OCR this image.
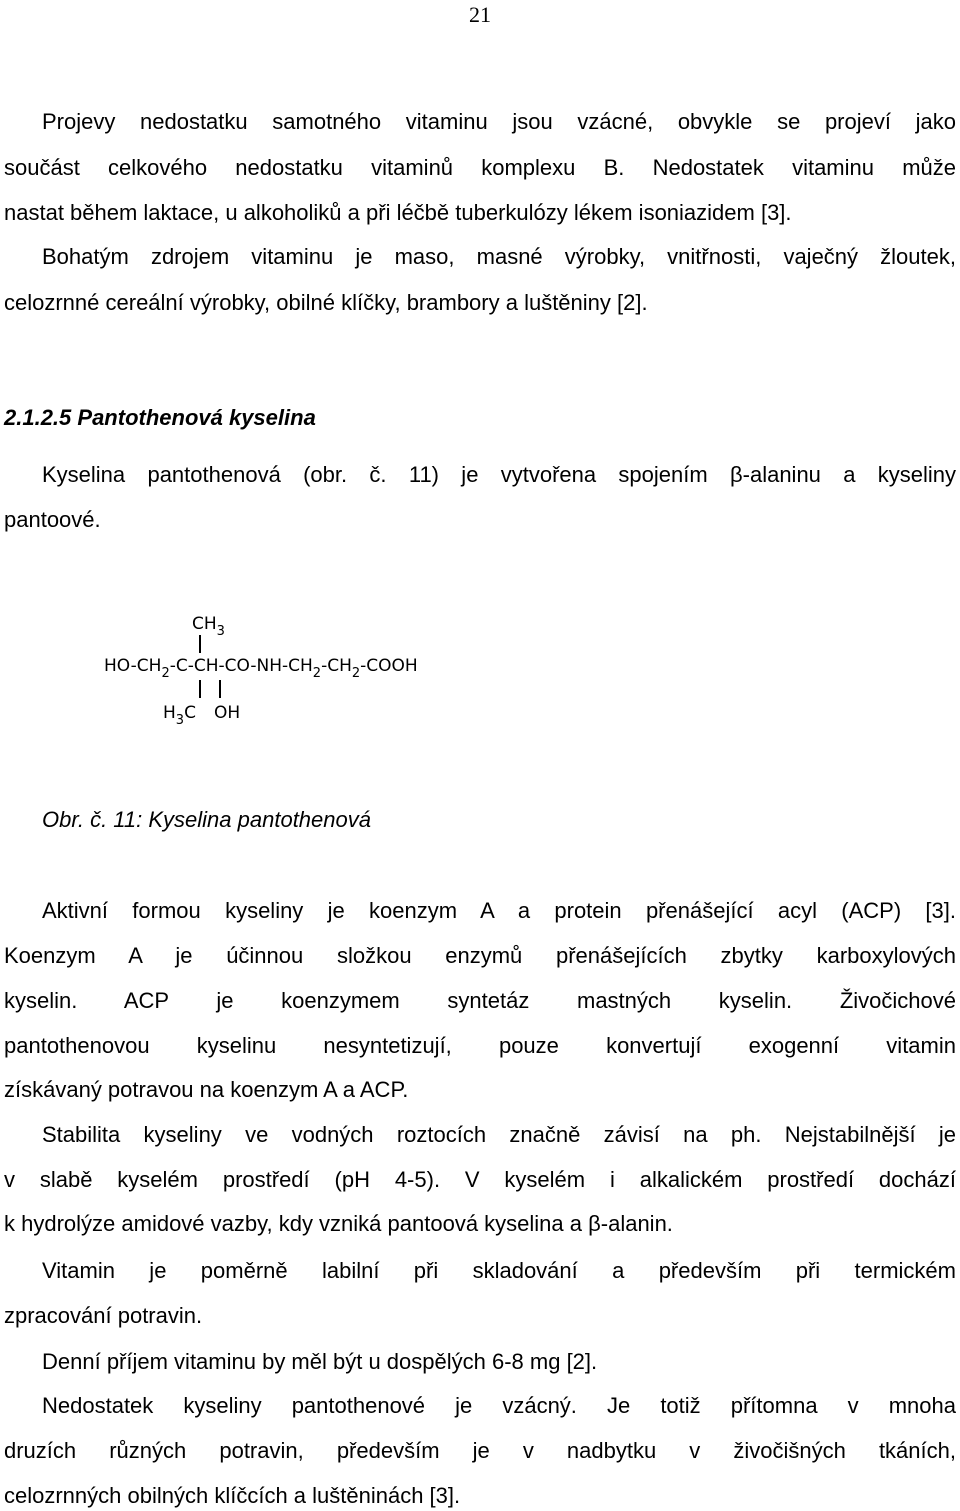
21
Projevy nedostatku samotného vitaminu jsou vzácné, obvykle se projeví jako
součást celkového nedostatku vitaminů komplexu B. Nedostatek vitaminu může
nastat během laktace, u alkoholiků a při léčbě tuberkulózy lékem isoniazidem [3].
Bohatým zdrojem vitaminu je maso, masné výrobky, vnitřnosti, vaječný žloutek,
celozrnné cereální výrobky, obilné klíčky, brambory a luštěniny [2].
2.1.2.5 Pantothenová kyselina
Kyselina pantothenová (obr. č. 11) je vytvořena spojením β-alaninu a kyseliny
pantoové.
$CH_3$
$HO-CH_2-C-CH-CO-NH-CH_2-CH_2$-COOH
$H_3C$ OH
Obr. č. 11: Kyselina pantothenová
Aktivní formou kyseliny je koenzym A a protein přenášející acyl (ACP) [3].
Koenzym A je účinnou složkou enzymů přenášejících zbytky karboxylových
kyselin. ACP je koenzymem syntetáz mastných kyselin. Živočichové
pantothenovou kyselinu nesyntetizují, pouze konvertují exogenní vitamin
získávaný potravou na koenzym A a ACP.
Stabilita kyseliny ve vodných roztocích značně závisí na ph. Nejstabilnější je
v slabě kyselém prostředí (pH 4-5). V kyselém i alkalickém prostředí dochází
k hydrolýze amidové vazby, kdy vzniká pantoová kyselina a β-alanin.
Vitamin je poměrně labilní při skladování a především při termickém
zpracování potravin.
Denní příjem vitaminu by měl být u dospělých 6-8 mg [2].
Nedostatek kyseliny pantothenové je vzácný. Je totiž přítomna v mnoha
druzích různých potravin, především je v nadbytku v živočišných tkáních,
celozrnných obilných klíčcích a luštěninách [3].
